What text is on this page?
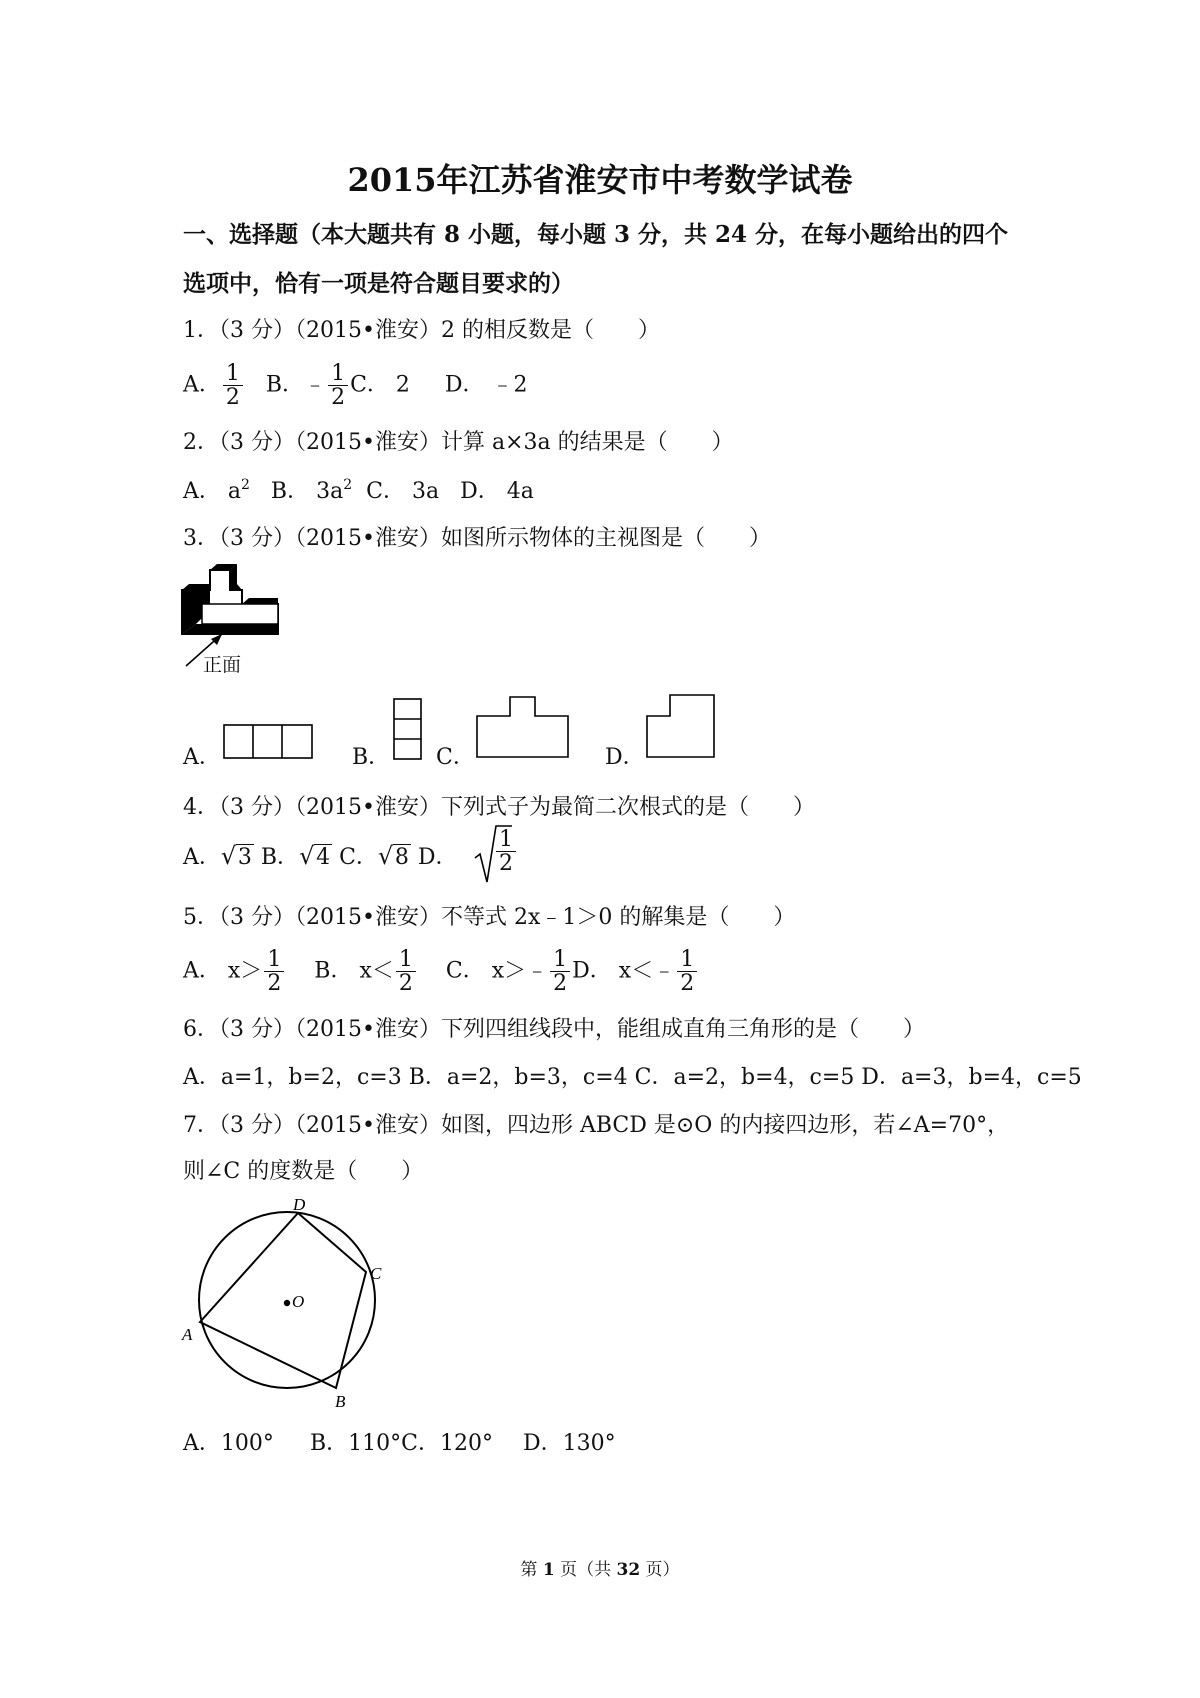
2015年江苏省淮安市中考数学试卷
一、选择题（本大题共有 8 小题，每小题 3 分，共 24 分，在每小题给出的四个
选项中，恰有一项是符合题目要求的）
1．（3 分）（2015•淮安）2 的相反数是（　　）
A． $\frac{1}{2}$ B．﹣ $\frac{1}{2}$ C． 2 D． ﹣2
2．（3 分）（2015•淮安）计算 a×3a 的结果是（　　）
A． $a^2$ B． $3a^2$ C． 3a D． 4a
3．（3 分）（2015•淮安）如图所示物体的主视图是（　　）
正面
A．	B． C．	D．
4．（3 分）（2015•淮安）下列式子为最简二次根式的是（　　）
A． √ 3 B． √ 4 C． √ 8 D． $\frac{1}{2}$
5．（3 分）（2015•淮安）不等式 2x﹣1＞0 的解集是（　　）
A． $x> \frac{1}{2}$ B． $x< \frac{1}{2}$ C． x＞﹣ $\frac{1}{2}$ D． x＜﹣ $\frac{1}{2}$
6．（3 分）（2015•淮安）下列四组线段中，能组成直角三角形的是（　　）
A．a=1，b=2，c=3 B．a=2，b=3，c=4 C．a=2，b=4，c=5 D．a=3，b=4，c=5
7．（3 分）（2015•淮安）如图，四边形 ABCD 是⊙O 的内接四边形，若∠A=70°，
则∠C 的度数是（　　）
D
C
O
A
B
A．100° B．110°C．120° D．130°
第 1 页（共 32 页）
